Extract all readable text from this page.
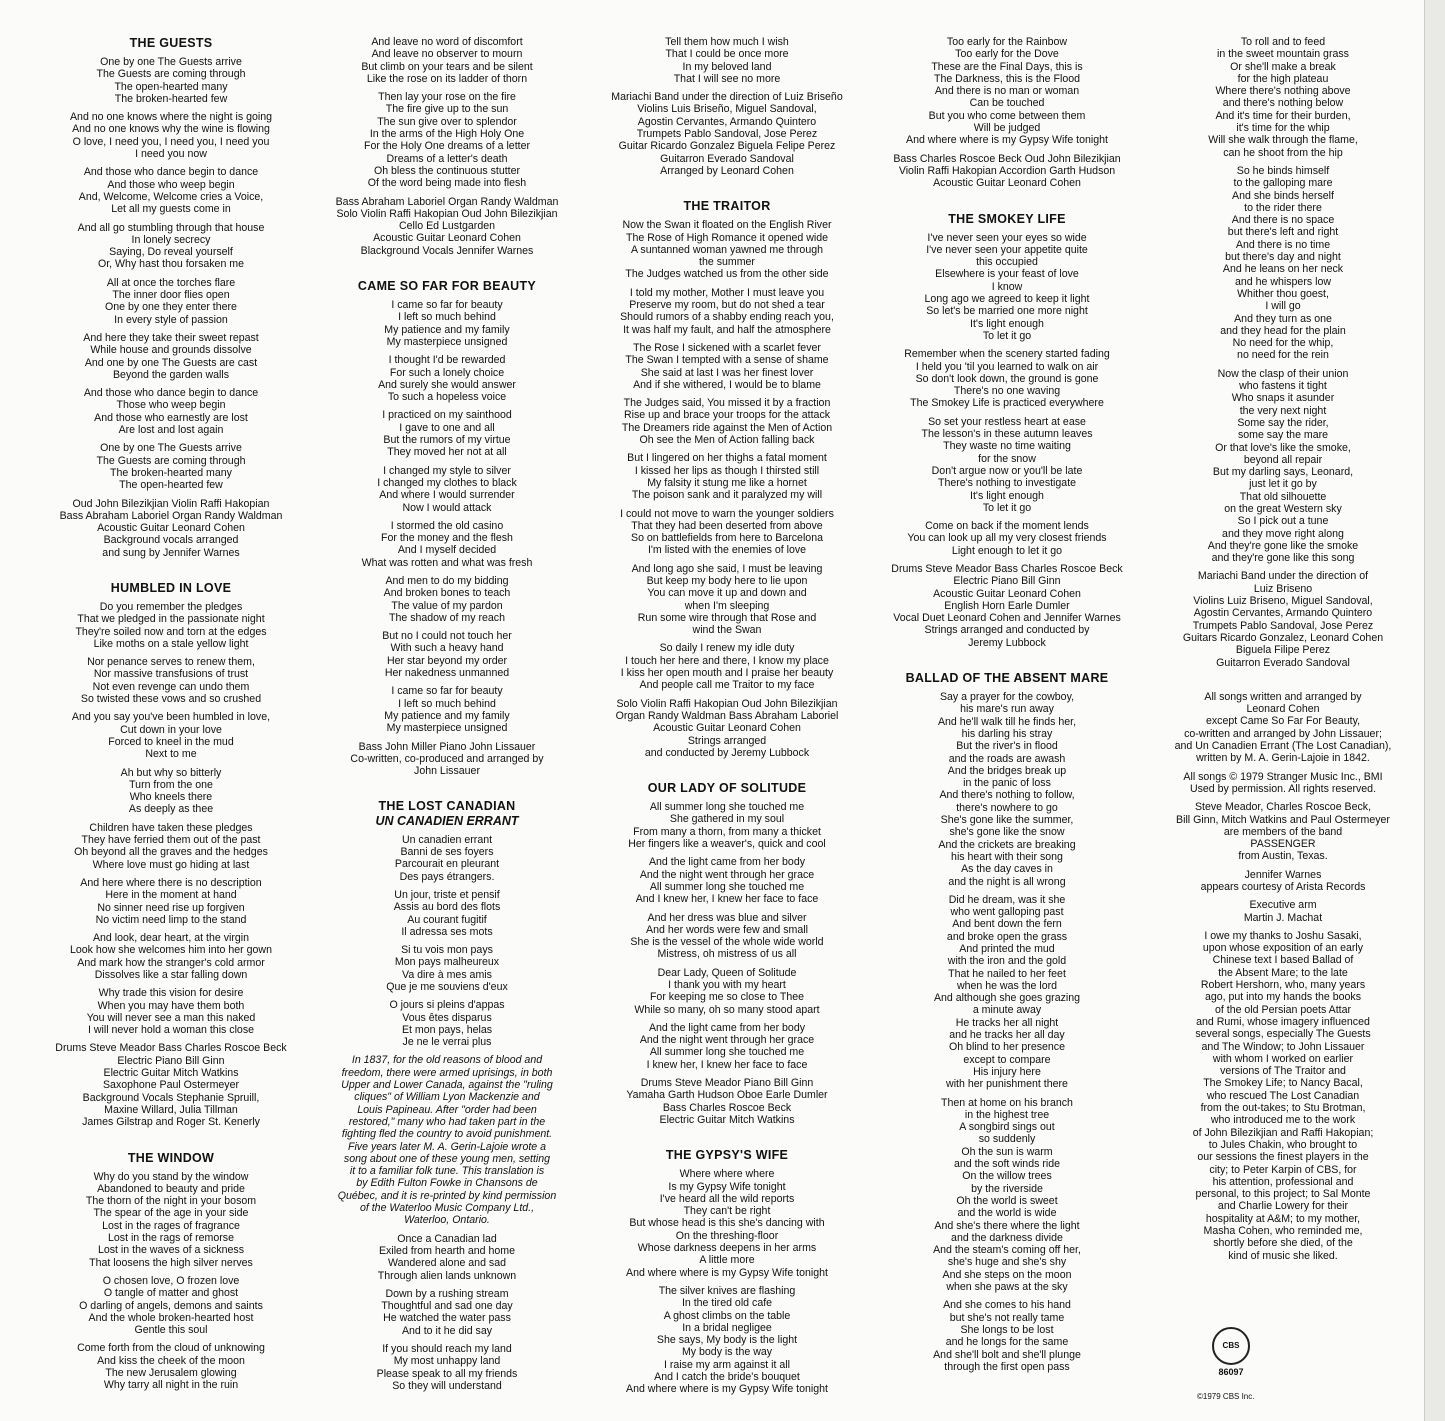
THE GUESTS
One by one The Guests arrive
The Guests are coming through
The open-hearted many
The broken-hearted few
And no one knows where the night is going
And no one knows why the wine is flowing
O love, I need you, I need you, I need you
I need you now
And those who dance begin to dance
And those who weep begin
And, Welcome, Welcome cries a Voice,
Let all my guests come in
And all go stumbling through that house
In lonely secrecy
Saying, Do reveal yourself
Or, Why hast thou forsaken me
All at once the torches flare
The inner door flies open
One by one they enter there
In every style of passion
And here they take their sweet repast
While house and grounds dissolve
And one by one The Guests are cast
Beyond the garden walls
And those who dance begin to dance
Those who weep begin
And those who earnestly are lost
Are lost and lost again
One by one The Guests arrive
The Guests are coming through
The broken-hearted many
The open-hearted few
Oud John Bilezikjian Violin Raffi Hakopian
Bass Abraham Laboriel Organ Randy Waldman
Acoustic Guitar Leonard Cohen
Background vocals arranged
and sung by Jennifer Warnes
HUMBLED IN LOVE
Do you remember the pledges
That we pledged in the passionate night
They're soiled now and torn at the edges
Like moths on a stale yellow light
Nor penance serves to renew them,
Nor massive transfusions of trust
Not even revenge can undo them
So twisted these vows and so crushed
And you say you've been humbled in love,
Cut down in your love
Forced to kneel in the mud
Next to me
Ah but why so bitterly
Turn from the one
Who kneels there
As deeply as thee
Children have taken these pledges
They have ferried them out of the past
Oh beyond all the graves and the hedges
Where love must go hiding at last
And here where there is no description
Here in the moment at hand
No sinner need rise up forgiven
No victim need limp to the stand
And look, dear heart, at the virgin
Look how she welcomes him into her gown
And mark how the stranger's cold armor
Dissolves like a star falling down
Why trade this vision for desire
When you may have them both
You will never see a man this naked
I will never hold a woman this close
Drums Steve Meador Bass Charles Roscoe Beck
Electric Piano Bill Ginn
Electric Guitar Mitch Watkins
Saxophone Paul Ostermeyer
Background Vocals Stephanie Spruill,
Maxine Willard, Julia Tillman
James Gilstrap and Roger St. Kenerly
THE WINDOW
Why do you stand by the window
Abandoned to beauty and pride
The thorn of the night in your bosom
The spear of the age in your side
Lost in the rages of fragrance
Lost in the rags of remorse
Lost in the waves of a sickness
That loosens the high silver nerves
O chosen love, O frozen love
O tangle of matter and ghost
O darling of angels, demons and saints
And the whole broken-hearted host
Gentle this soul
Come forth from the cloud of unknowing
And kiss the cheek of the moon
The new Jerusalem glowing
Why tarry all night in the ruin
And leave no word of discomfort
And leave no observer to mourn
But climb on your tears and be silent
Like the rose on its ladder of thorn
Then lay your rose on the fire
The fire give up to the sun
The sun give over to splendor
In the arms of the High Holy One
For the Holy One dreams of a letter
Dreams of a letter's death
Oh bless the continuous stutter
Of the word being made into flesh
Bass Abraham Laboriel Organ Randy Waldman
Solo Violin Raffi Hakopian Oud John Bilezikjian
Cello Ed Lustgarden
Acoustic Guitar Leonard Cohen
Blackground Vocals Jennifer Warnes
CAME SO FAR FOR BEAUTY
I came so far for beauty
I left so much behind
My patience and my family
My masterpiece unsigned
I thought I'd be rewarded
For such a lonely choice
And surely she would answer
To such a hopeless voice
I practiced on my sainthood
I gave to one and all
But the rumors of my virtue
They moved her not at all
I changed my style to silver
I changed my clothes to black
And where I would surrender
Now I would attack
I stormed the old casino
For the money and the flesh
And I myself decided
What was rotten and what was fresh
And men to do my bidding
And broken bones to teach
The value of my pardon
The shadow of my reach
But no I could not touch her
With such a heavy hand
Her star beyond my order
Her nakedness unmanned
I came so far for beauty
I left so much behind
My patience and my family
My masterpiece unsigned
Bass John Miller Piano John Lissauer
Co-written, co-produced and arranged by
John Lissauer
THE LOST CANADIAN
UN CANADIEN ERRANT
Un canadien errant
Banni de ses foyers
Parcourait en pleurant
Des pays étrangers.
Un jour, triste et pensif
Assis au bord des flots
Au courant fugitif
Il adressa ses mots
Si tu vois mon pays
Mon pays malheureux
Va dire à mes amis
Que je me souviens d'eux
O jours si pleins d'appas
Vous êtes disparus
Et mon pays, helas
Je ne le verrai plus
In 1837, for the old reasons of blood and
freedom, there were armed uprisings, in both
Upper and Lower Canada, against the "ruling
cliques" of William Lyon Mackenzie and
Louis Papineau. After "order had been
restored," many who had taken part in the
fighting fled the country to avoid punishment.
Five years later M. A. Gerin-Lajoie wrote a
song about one of these young men, setting
it to a familiar folk tune. This translation is
by Edith Fulton Fowke in Chansons de
Québec, and it is re-printed by kind permission
of the Waterloo Music Company Ltd.,
Waterloo, Ontario.
Once a Canadian lad
Exiled from hearth and home
Wandered alone and sad
Through alien lands unknown
Down by a rushing stream
Thoughtful and sad one day
He watched the water pass
And to it he did say
If you should reach my land
My most unhappy land
Please speak to all my friends
So they will understand
Tell them how much I wish
That I could be once more
In my beloved land
That I will see no more
Mariachi Band under the direction of Luiz Briseño
Violins Luis Briseño, Miguel Sandoval,
Agostin Cervantes, Armando Quintero
Trumpets Pablo Sandoval, Jose Perez
Guitar Ricardo Gonzalez Biguela Felipe Perez
Guitarron Everado Sandoval
Arranged by Leonard Cohen
THE TRAITOR
Now the Swan it floated on the English River
The Rose of High Romance it opened wide
A suntanned woman yawned me through
the summer
The Judges watched us from the other side
I told my mother, Mother I must leave you
Preserve my room, but do not shed a tear
Should rumors of a shabby ending reach you,
It was half my fault, and half the atmosphere
The Rose I sickened with a scarlet fever
The Swan I tempted with a sense of shame
She said at last I was her finest lover
And if she withered, I would be to blame
The Judges said, You missed it by a fraction
Rise up and brace your troops for the attack
The Dreamers ride against the Men of Action
Oh see the Men of Action falling back
But I lingered on her thighs a fatal moment
I kissed her lips as though I thirsted still
My falsity it stung me like a hornet
The poison sank and it paralyzed my will
I could not move to warn the younger soldiers
That they had been deserted from above
So on battlefields from here to Barcelona
I'm listed with the enemies of love
And long ago she said, I must be leaving
But keep my body here to lie upon
You can move it up and down and
when I'm sleeping
Run some wire through that Rose and
wind the Swan
So daily I renew my idle duty
I touch her here and there, I know my place
I kiss her open mouth and I praise her beauty
And people call me Traitor to my face
Solo Violin Raffi Hakopian Oud John Bilezikjian
Organ Randy Waldman Bass Abraham Laboriel
Acoustic Guitar Leonard Cohen
Strings arranged
and conducted by Jeremy Lubbock
OUR LADY OF SOLITUDE
All summer long she touched me
She gathered in my soul
From many a thorn, from many a thicket
Her fingers like a weaver's, quick and cool
And the light came from her body
And the night went through her grace
All summer long she touched me
And I knew her, I knew her face to face
And her dress was blue and silver
And her words were few and small
She is the vessel of the whole wide world
Mistress, oh mistress of us all
Dear Lady, Queen of Solitude
I thank you with my heart
For keeping me so close to Thee
While so many, oh so many stood apart
And the light came from her body
And the night went through her grace
All summer long she touched me
I knew her, I knew her face to face
Drums Steve Meador Piano Bill Ginn
Yamaha Garth Hudson Oboe Earle Dumler
Bass Charles Roscoe Beck
Electric Guitar Mitch Watkins
THE GYPSY'S WIFE
Where where where
Is my Gypsy Wife tonight
I've heard all the wild reports
They can't be right
But whose head is this she's dancing with
On the threshing-floor
Whose darkness deepens in her arms
A little more
And where where is my Gypsy Wife tonight
The silver knives are flashing
In the tired old cafe
A ghost climbs on the table
In a bridal negligee
She says, My body is the light
My body is the way
I raise my arm against it all
And I catch the bride's bouquet
And where where is my Gypsy Wife tonight
Too early for the Rainbow
Too early for the Dove
These are the Final Days, this is
The Darkness, this is the Flood
And there is no man or woman
Can be touched
But you who come between them
Will be judged
And where where is my Gypsy Wife tonight
Bass Charles Roscoe Beck Oud John Bilezikjian
Violin Raffi Hakopian Accordion Garth Hudson
Acoustic Guitar Leonard Cohen
THE SMOKEY LIFE
I've never seen your eyes so wide
I've never seen your appetite quite
this occupied
Elsewhere is your feast of love
I know
Long ago we agreed to keep it light
So let's be married one more night
It's light enough
To let it go
Remember when the scenery started fading
I held you 'til you learned to walk on air
So don't look down, the ground is gone
There's no one waving
The Smokey Life is practiced everywhere
So set your restless heart at ease
The lesson's in these autumn leaves
They waste no time waiting
for the snow
Don't argue now or you'll be late
There's nothing to investigate
It's light enough
To let it go
Come on back if the moment lends
You can look up all my very closest friends
Light enough to let it go
Drums Steve Meador Bass Charles Roscoe Beck
Electric Piano Bill Ginn
Acoustic Guitar Leonard Cohen
English Horn Earle Dumler
Vocal Duet Leonard Cohen and Jennifer Warnes
Strings arranged and conducted by
Jeremy Lubbock
BALLAD OF THE ABSENT MARE
Say a prayer for the cowboy,
his mare's run away
And he'll walk till he finds her,
his darling his stray
But the river's in flood
and the roads are awash
And the bridges break up
in the panic of loss
And there's nothing to follow,
there's nowhere to go
She's gone like the summer,
she's gone like the snow
And the crickets are breaking
his heart with their song
As the day caves in
and the night is all wrong
Did he dream, was it she
who went galloping past
And bent down the fern
and broke open the grass
And printed the mud
with the iron and the gold
That he nailed to her feet
when he was the lord
And although she goes grazing
a minute away
He tracks her all night
and he tracks her all day
Oh blind to her presence
except to compare
His injury here
with her punishment there
Then at home on his branch
in the highest tree
A songbird sings out
so suddenly
Oh the sun is warm
and the soft winds ride
On the willow trees
by the riverside
Oh the world is sweet
and the world is wide
And she's there where the light
and the darkness divide
And the steam's coming off her,
she's huge and she's shy
And she steps on the moon
when she paws at the sky
And she comes to his hand
but she's not really tame
She longs to be lost
and he longs for the same
And she'll bolt and she'll plunge
through the first open pass
To roll and to feed
in the sweet mountain grass
Or she'll make a break
for the high plateau
Where there's nothing above
and there's nothing below
And it's time for their burden,
it's time for the whip
Will she walk through the flame,
can he shoot from the hip
So he binds himself
to the galloping mare
And she binds herself
to the rider there
And there is no space
but there's left and right
And there is no time
but there's day and night
And he leans on her neck
and he whispers low
Whither thou goest,
I will go
And they turn as one
and they head for the plain
No need for the whip,
no need for the rein
Now the clasp of their union
who fastens it tight
Who snaps it asunder
the very next night
Some say the rider,
some say the mare
Or that love's like the smoke,
beyond all repair
But my darling says, Leonard,
just let it go by
That old silhouette
on the great Western sky
So I pick out a tune
and they move right along
And they're gone like the smoke
and they're gone like this song
Mariachi Band under the direction of
Luiz Briseno
Violins Luiz Briseno, Miguel Sandoval,
Agostin Cervantes, Armando Quintero
Trumpets Pablo Sandoval, Jose Perez
Guitars Ricardo Gonzalez, Leonard Cohen
Biguela Filipe Perez
Guitarron Everado Sandoval
All songs written and arranged by
Leonard Cohen
except Came So Far For Beauty,
co-written and arranged by John Lissauer;
and Un Canadien Errant (The Lost Canadian),
written by M. A. Gerin-Lajoie in 1842.
All songs © 1979 Stranger Music Inc., BMI
Used by permission. All rights reserved.
Steve Meador, Charles Roscoe Beck,
Bill Ginn, Mitch Watkins and Paul Ostermeyer
are members of the band
PASSENGER
from Austin, Texas.
Jennifer Warnes
appears courtesy of Arista Records
Executive arm
Martin J. Machat
I owe my thanks to Joshu Sasaki,
upon whose exposition of an early
Chinese text I based Ballad of
the Absent Mare; to the late
Robert Hershorn, who, many years
ago, put into my hands the books
of the old Persian poets Attar
and Rumi, whose imagery influenced
several songs, especially The Guests
and The Window; to John Lissauer
with whom I worked on earlier
versions of The Traitor and
The Smokey Life; to Nancy Bacal,
who rescued The Lost Canadian
from the out-takes; to Stu Brotman,
who introduced me to the work
of John Bilezikjian and Raffi Hakopian;
to Jules Chakin, who brought to
our sessions the finest players in the
city; to Peter Karpin of CBS, for
his attention, professional and
personal, to this project; to Sal Monte
and Charlie Lowery for their
hospitality at A&M; to my mother,
Masha Cohen, who reminded me,
shortly before she died, of the
kind of music she liked.
CBS
86097
©1979 CBS Inc.
